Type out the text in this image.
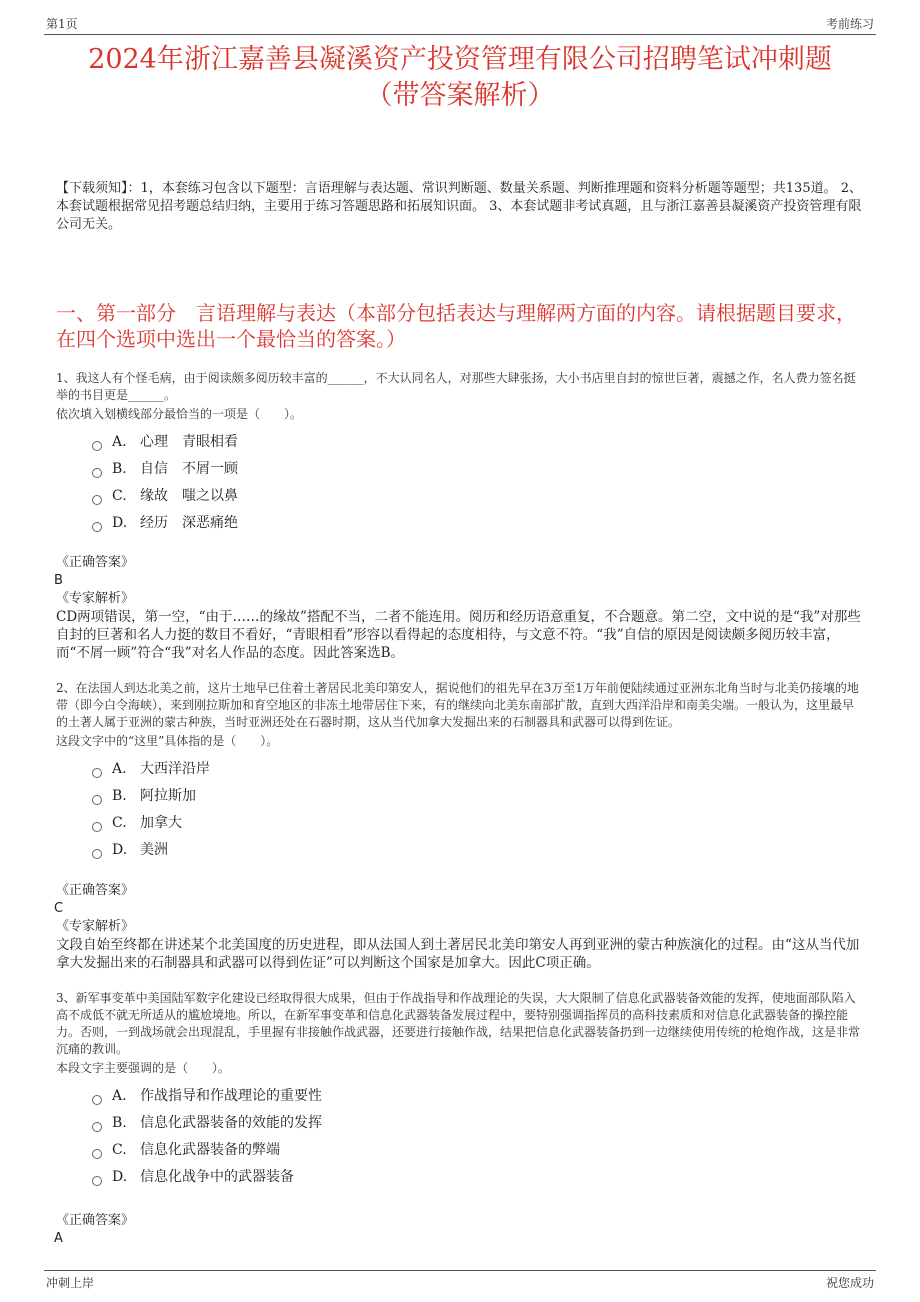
第1页	考前练习
2024年浙江嘉善县凝溪资产投资管理有限公司招聘笔试冲刺题
（带答案解析）
【下载须知】：1，本套练习包含以下题型：言语理解与表达题、常识判断题、数量关系题、判断推理题和资料分析题等题型；共135道。 2、本套试题根据常见招考题总结归纳，主要用于练习答题思路和拓展知识面。 3、本套试题非考试真题，且与浙江嘉善县凝溪资产投资管理有限公司无关。
一、第一部分　言语理解与表达（本部分包括表达与理解两方面的内容。请根据题目要求，在四个选项中选出一个最恰当的答案。）

1、我这人有个怪毛病，由于阅读颇多阅历较丰富的______，不大认同名人，对那些大肆张扬，大小书店里自封的惊世巨著，震撼之作，名人费力签名挺举的书目更是______。

依次填入划横线部分最恰当的一项是（　　）。

A. 心理　青眼相看
B. 自信　不屑一顾
C. 缘故　嗤之以鼻
D. 经历　深恶痛绝
《正确答案》
B
《专家解析》
CD两项错误，第一空，“由于……的缘故”搭配不当，二者不能连用。阅历和经历语意重复，不合题意。第二空，文中说的是“我”对那些自封的巨著和名人力挺的数目不看好，“青眼相看”形容以看得起的态度相待，与文意不符。“我”自信的原因是阅读颇多阅历较丰富，而“不屑一顾”符合“我”对名人作品的态度。因此答案选B。

2、在法国人到达北美之前，这片土地早已住着土著居民北美印第安人，据说他们的祖先早在3万至1万年前便陆续通过亚洲东北角当时与北美仍接壤的地带（即今白令海峡），来到刚拉斯加和育空地区的非冻土地带居住下来，有的继续向北美东南部扩散，直到大西洋沿岸和南美尖端。一般认为，这里最早的土著人属于亚洲的蒙古种族，当时亚洲还处在石器时期，这从当代加拿大发掘出来的石制器具和武器可以得到佐证。

这段文字中的“这里”具体指的是（　　）。

A. 大西洋沿岸
B. 阿拉斯加
C. 加拿大
D. 美洲
《正确答案》
C
《专家解析》
文段自始至终都在讲述某个北美国度的历史进程，即从法国人到土著居民北美印第安人再到亚洲的蒙古种族演化的过程。由“这从当代加拿大发掘出来的石制器具和武器可以得到佐证”可以判断这个国家是加拿大。因此C项正确。

3、新军事变革中美国陆军数字化建设已经取得很大成果，但由于作战指导和作战理论的失误，大大限制了信息化武器装备效能的发挥，使地面部队陷入高不成低不就无所适从的尴尬境地。所以，在新军事变革和信息化武器装备发展过程中，要特别强调指挥员的高科技素质和对信息化武器装备的操控能力。否则，一到战场就会出现混乱，手里握有非接触作战武器，还要进行接触作战，结果把信息化武器装备扔到一边继续使用传统的枪炮作战，这是非常沉痛的教训。

本段文字主要强调的是（　　）。

A. 作战指导和作战理论的重要性
B. 信息化武器装备的效能的发挥
C. 信息化武器装备的弊端
D. 信息化战争中的武器装备
《正确答案》
A
冲刺上岸	祝您成功
